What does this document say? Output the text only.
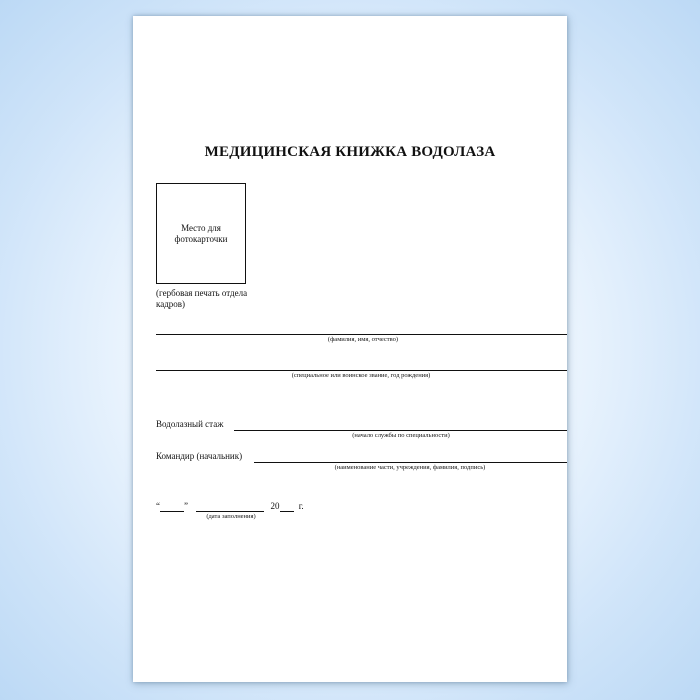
МЕДИЦИНСКАЯ КНИЖКА ВОДОЛАЗА
Место для фотокарточки
(гербовая печать отдела кадров)
(фамилия, имя, отчество)
(специальное или воинское звание, год рождения)
Водолазный стаж
(начало службы по специальности)
Командир (начальник)
(наименование части, учреждения, фамилия, подпись)
“	”	20 г.
(дата заполнения)
